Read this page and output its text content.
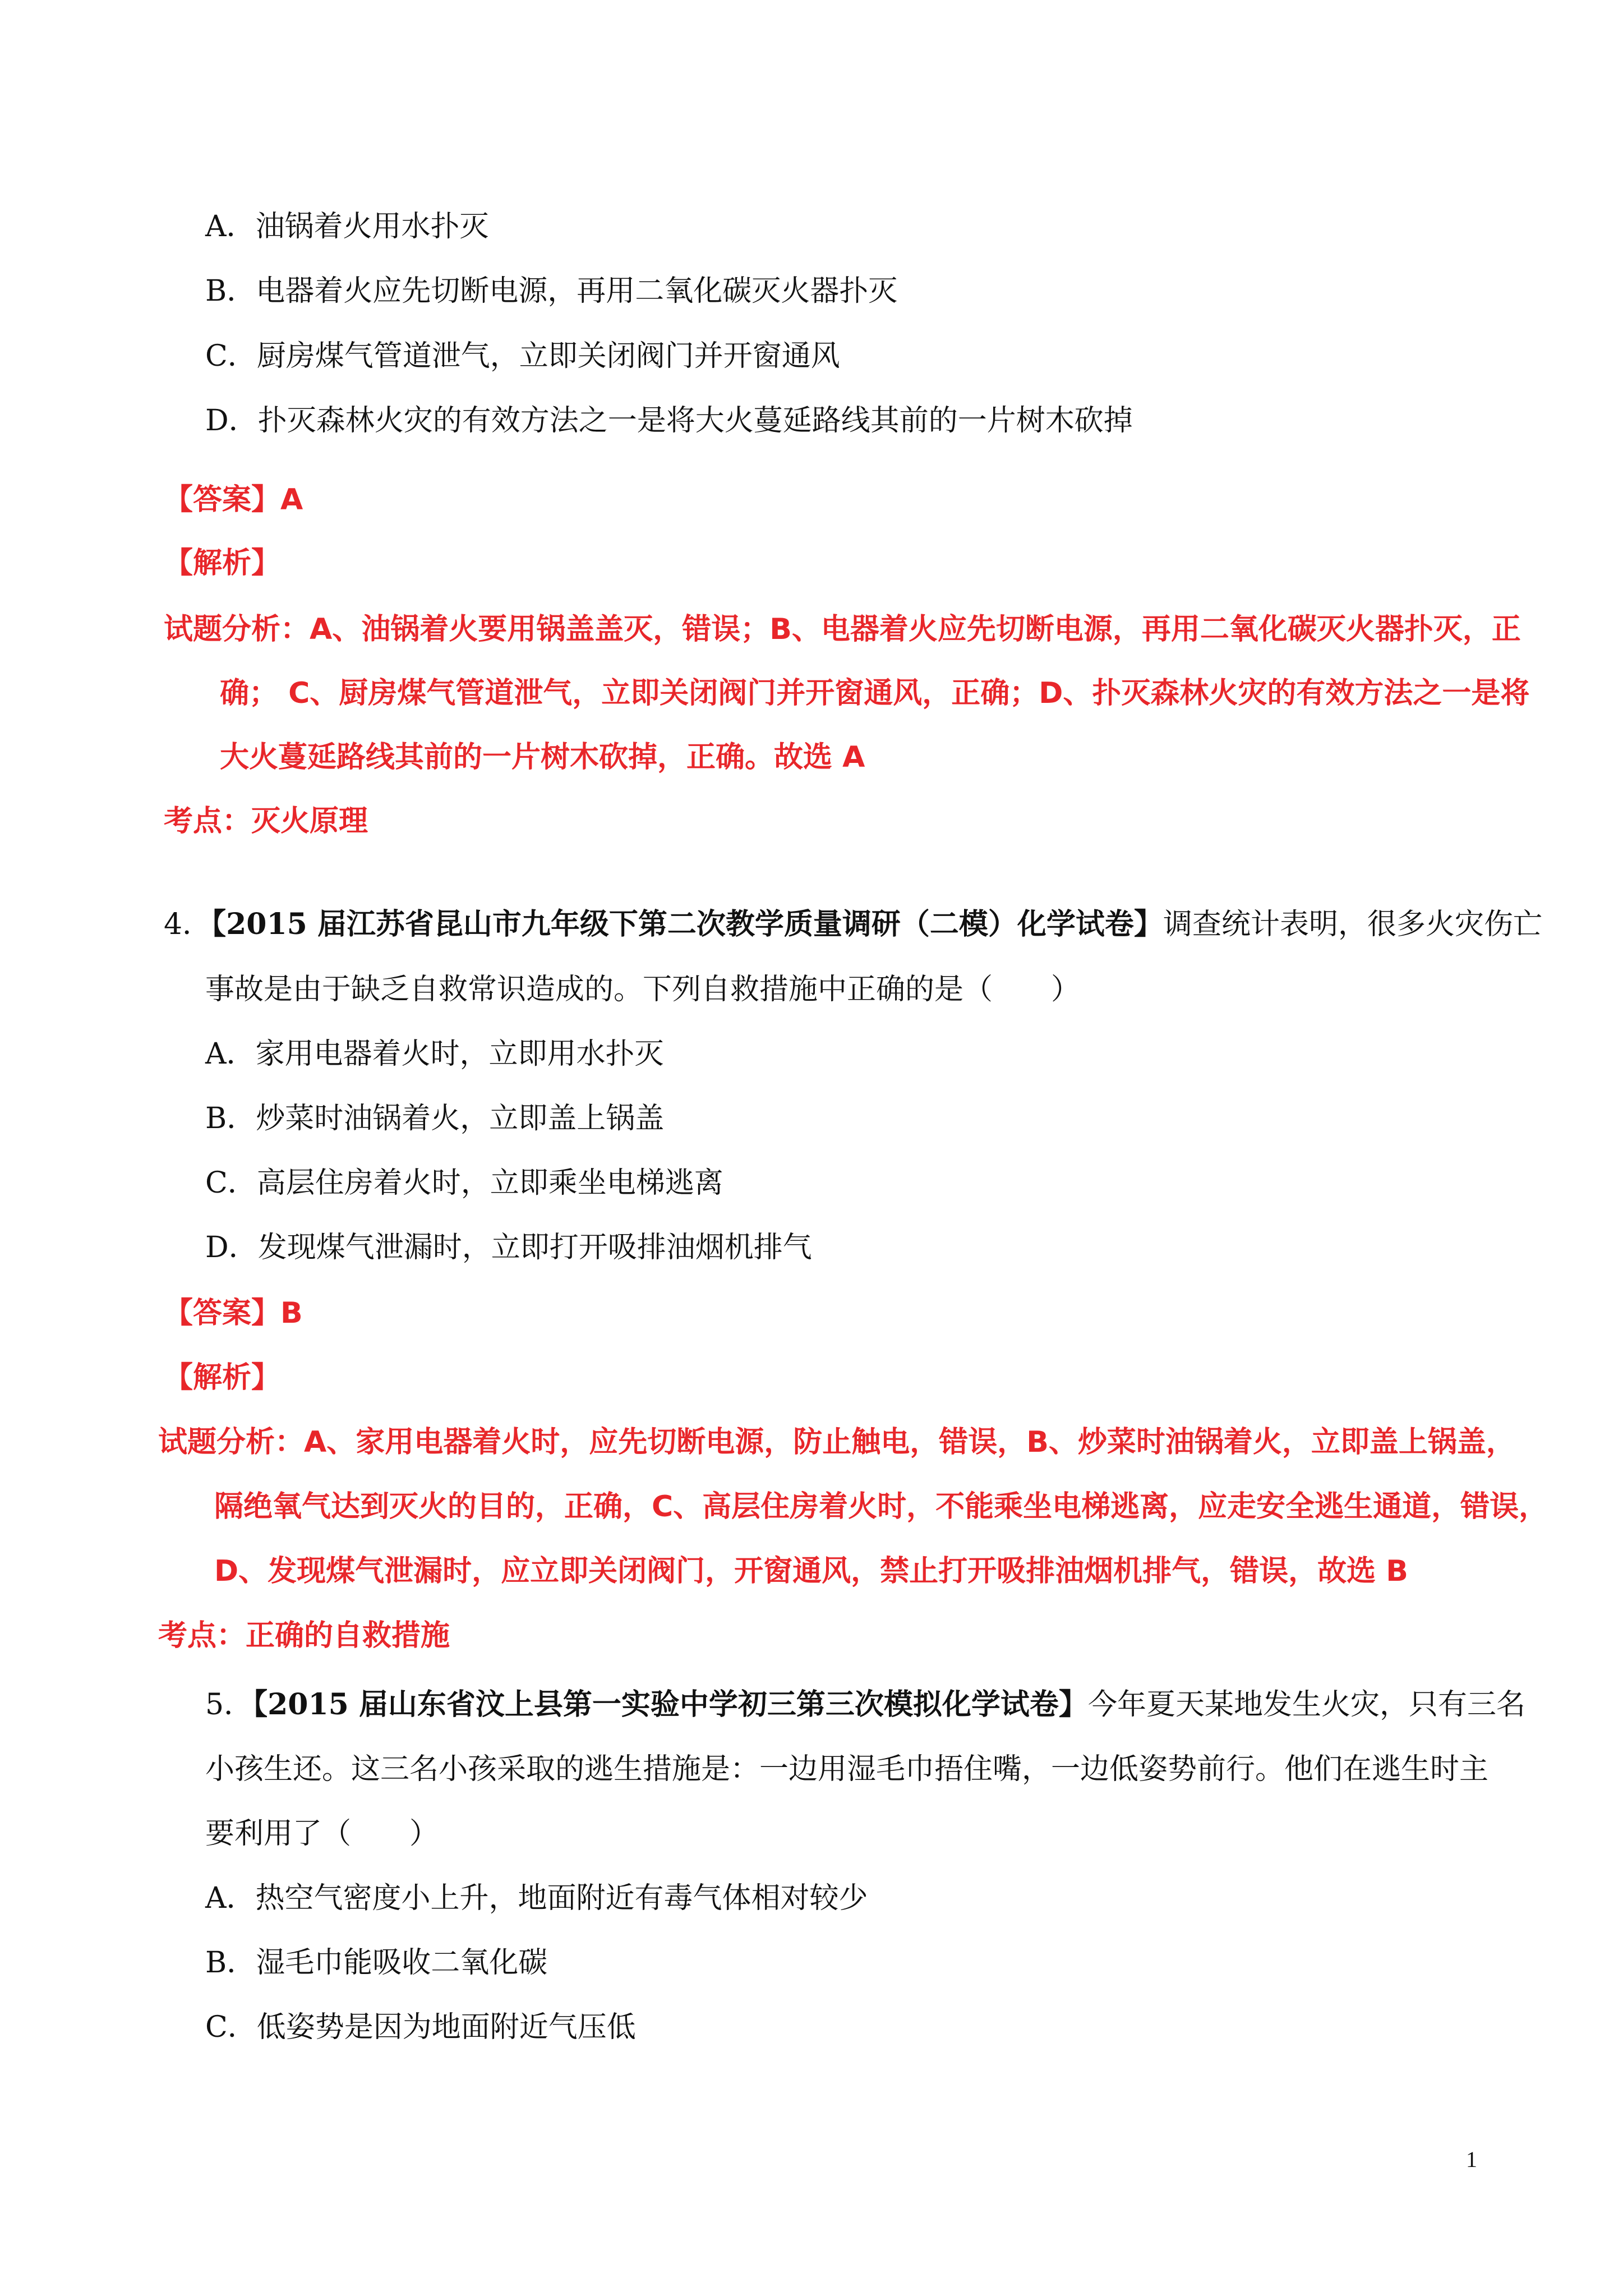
A．油锅着火用水扑灭
B．电器着火应先切断电源，再用二氧化碳灭火器扑灭
C．厨房煤气管道泄气，立即关闭阀门并开窗通风
D．扑灭森林火灾的有效方法之一是将大火蔓延路线其前的一片树木砍掉
【答案】A
【解析】
试题分析：A、油锅着火要用锅盖盖灭，错误；B、电器着火应先切断电源，再用二氧化碳灭火器扑灭，正
确； C、厨房煤气管道泄气，立即关闭阀门并开窗通风，正确；D、扑灭森林火灾的有效方法之一是将
大火蔓延路线其前的一片树木砍掉，正确。故选 A
考点：灭火原理
4．【2015 届江苏省昆山市九年级下第二次教学质量调研（二模）化学试卷】调查统计表明，很多火灾伤亡
事故是由于缺乏自救常识造成的。下列自救措施中正确的是（　　）
A．家用电器着火时，立即用水扑灭
B．炒菜时油锅着火，立即盖上锅盖
C．高层住房着火时，立即乘坐电梯逃离
D．发现煤气泄漏时，立即打开吸排油烟机排气
【答案】B
【解析】
试题分析：A、家用电器着火时，应先切断电源，防止触电，错误，B、炒菜时油锅着火，立即盖上锅盖，
隔绝氧气达到灭火的目的，正确，C、高层住房着火时，不能乘坐电梯逃离，应走安全逃生通道，错误，
D、发现煤气泄漏时，应立即关闭阀门，开窗通风，禁止打开吸排油烟机排气，错误，故选 B
考点：正确的自救措施
5．【2015 届山东省汶上县第一实验中学初三第三次模拟化学试卷】今年夏天某地发生火灾，只有三名
小孩生还。这三名小孩采取的逃生措施是：一边用湿毛巾捂住嘴，一边低姿势前行。他们在逃生时主
要利用了（　　）
A．热空气密度小上升，地面附近有毒气体相对较少
B．湿毛巾能吸收二氧化碳
C．低姿势是因为地面附近气压低
1
